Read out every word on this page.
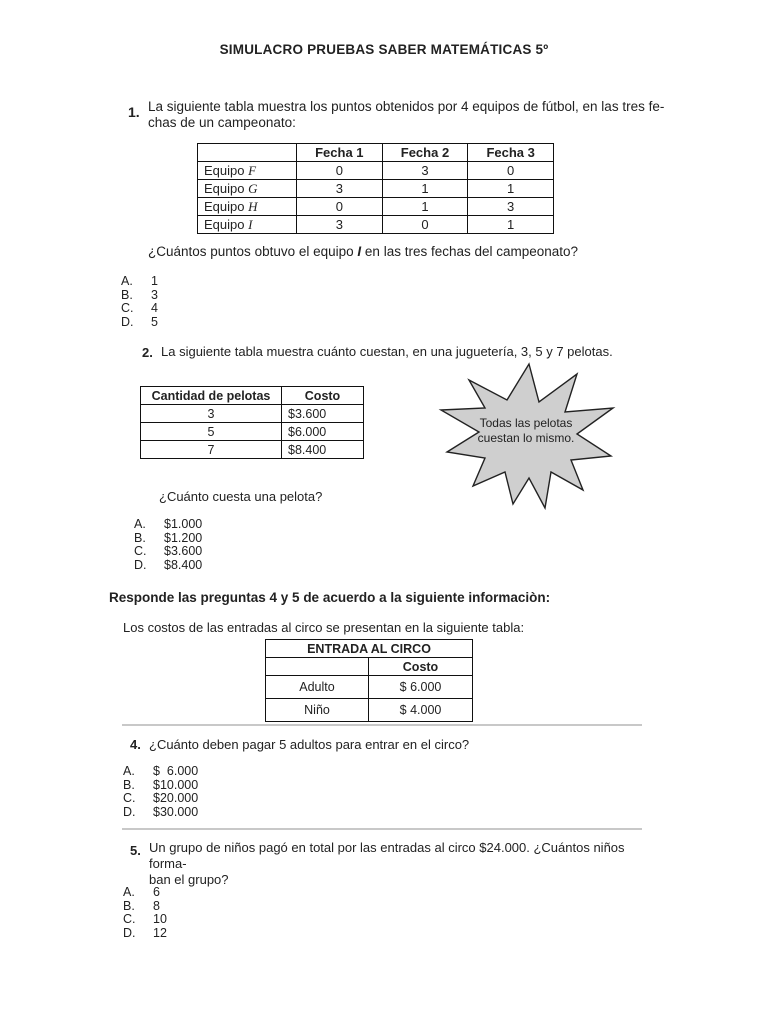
SIMULACRO PRUEBAS SABER MATEMÁTICAS 5º
1. La siguiente tabla muestra los puntos obtenidos por 4 equipos de fútbol, en las tres fe-
chas de un campeonato:
	Fecha 1	Fecha 2	Fecha 3
Equipo F	0	3	0
Equipo G	3	1	1
Equipo H	0	1	3
Equipo I	3	0	1
¿Cuántos puntos obtuvo el equipo I en las tres fechas del campeonato?
A. 1
B. 3
C. 4
D. 5
2. La siguiente tabla muestra cuánto cuestan, en una juguetería, 3, 5 y 7 pelotas.
Cantidad de pelotas	Costo
3	$3.600
5	$6.000
7	$8.400
Todas las pelotas
cuestan lo mismo.
¿Cuánto cuesta una pelota?
A. $1.000
B. $1.200
C. $3.600
D. $8.400
Responde las preguntas 4 y 5 de acuerdo a la siguiente informaciòn:
Los costos de las entradas al circo se presentan en la siguiente tabla:
ENTRADA AL CIRCO	
	Costo
Adulto	$ 6.000
Niño	$ 4.000
4. ¿Cuánto deben pagar 5 adultos para entrar en el circo?
A. $  6.000
B. $10.000
C. $20.000
D. $30.000
5. Un grupo de niños pagó en total por las entradas al circo $24.000. ¿Cuántos niños forma-
ban el grupo?
A. 6
B. 8
C. 10
D. 12
